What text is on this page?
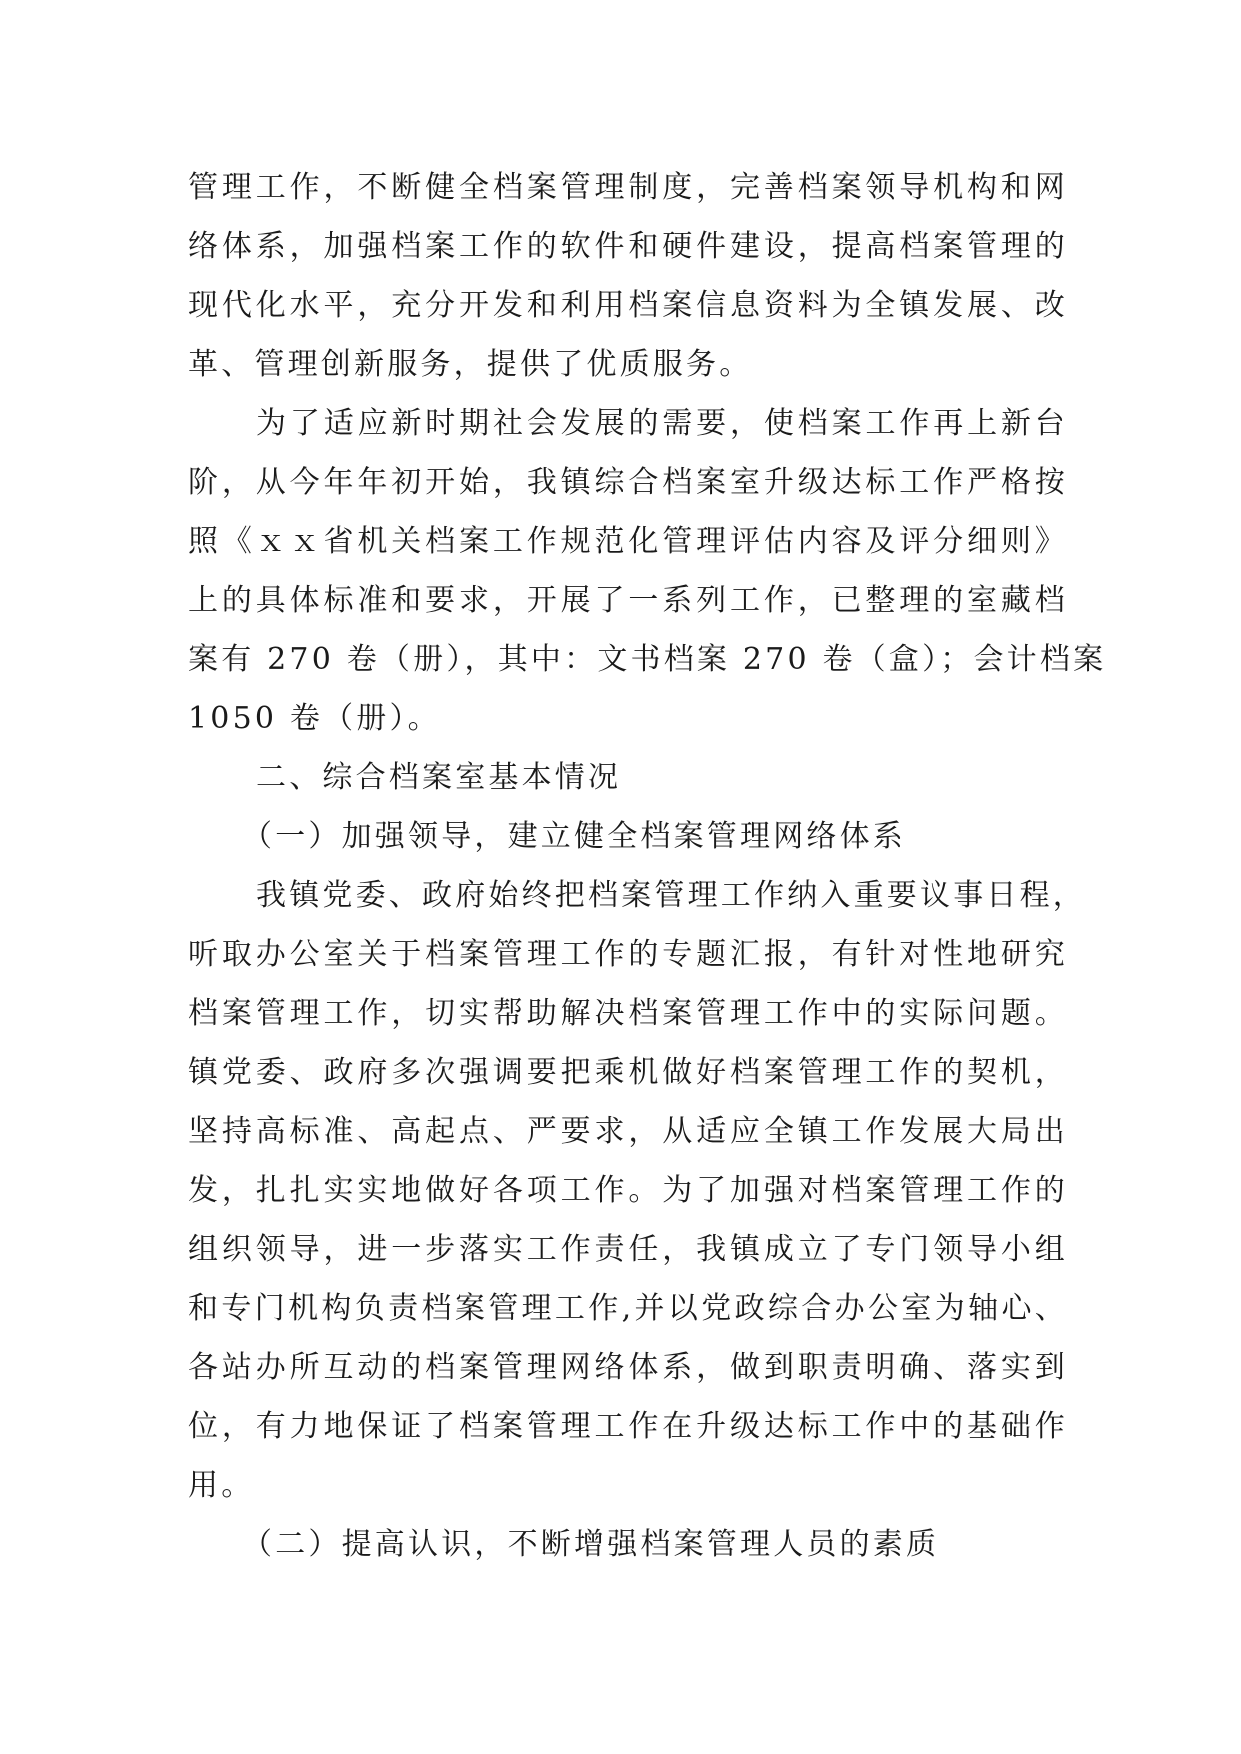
管理工作，不断健全档案管理制度，完善档案领导机构和网
络体系，加强档案工作的软件和硬件建设，提高档案管理的
现代化水平，充分开发和利用档案信息资料为全镇发展、改
革、管理创新服务，提供了优质服务。
为了适应新时期社会发展的需要，使档案工作再上新台
阶，从今年年初开始，我镇综合档案室升级达标工作严格按
照《ｘｘ省机关档案工作规范化管理评估内容及评分细则》
上的具体标准和要求，开展了一系列工作，已整理的室藏档
案有 270 卷（册），其中：文书档案 270 卷（盒）；会计档案
1050 卷（册）。
二、综合档案室基本情况
（一）加强领导，建立健全档案管理网络体系
我镇党委、政府始终把档案管理工作纳入重要议事日程，
听取办公室关于档案管理工作的专题汇报，有针对性地研究
档案管理工作，切实帮助解决档案管理工作中的实际问题。
镇党委、政府多次强调要把乘机做好档案管理工作的契机，
坚持高标准、高起点、严要求，从适应全镇工作发展大局出
发，扎扎实实地做好各项工作。为了加强对档案管理工作的
组织领导，进一步落实工作责任，我镇成立了专门领导小组
和专门机构负责档案管理工作,并以党政综合办公室为轴心、
各站办所互动的档案管理网络体系，做到职责明确、落实到
位，有力地保证了档案管理工作在升级达标工作中的基础作
用。
（二）提高认识，不断增强档案管理人员的素质
